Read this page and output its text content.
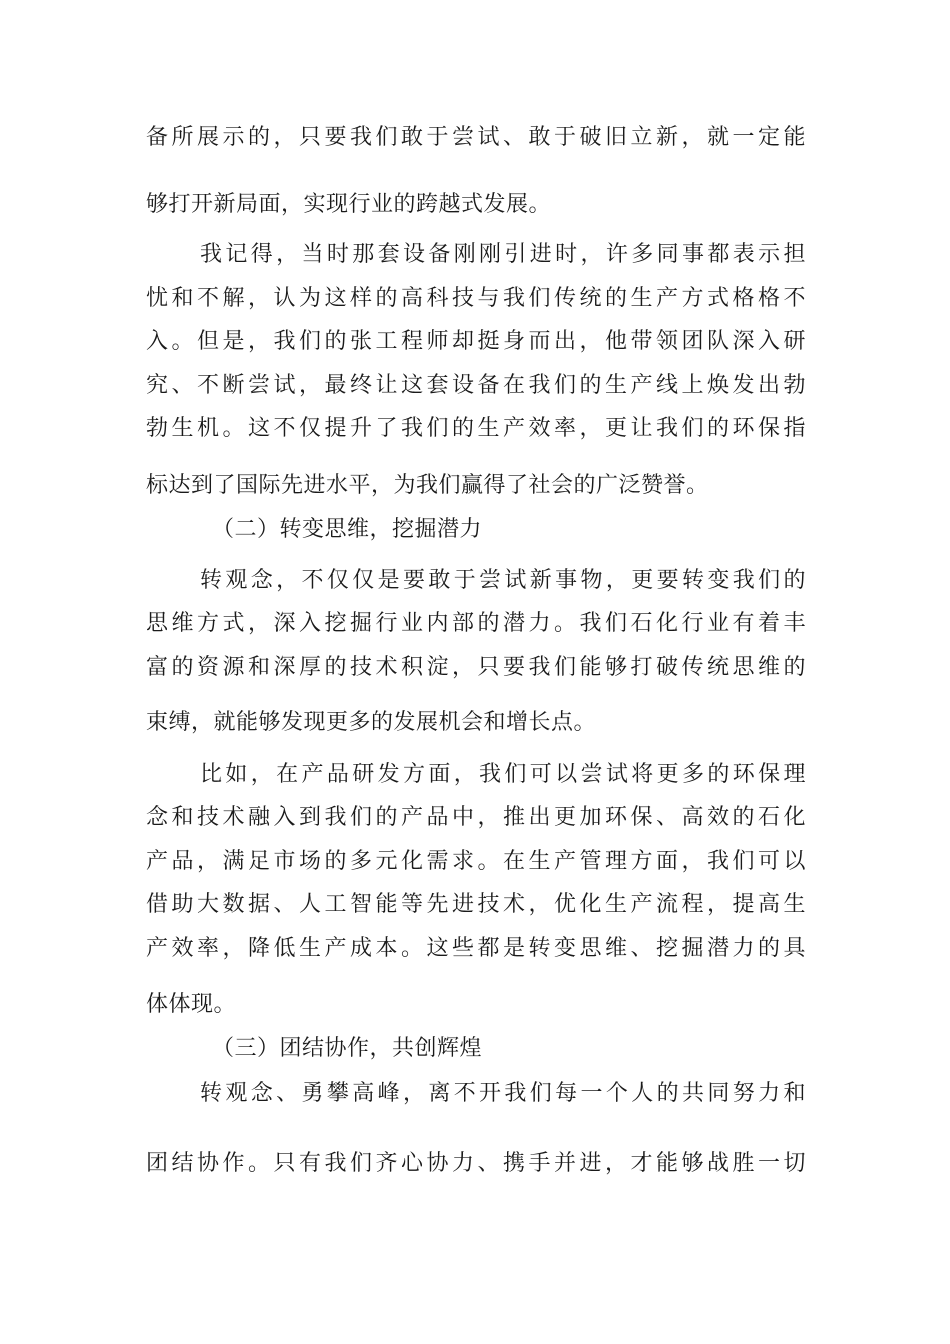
备所展示的，只要我们敢于尝试、敢于破旧立新，就一定能
够打开新局面，实现行业的跨越式发展。
我记得，当时那套设备刚刚引进时，许多同事都表示担
忧和不解，认为这样的高科技与我们传统的生产方式格格不
入。但是，我们的张工程师却挺身而出，他带领团队深入研
究、不断尝试，最终让这套设备在我们的生产线上焕发出勃
勃生机。这不仅提升了我们的生产效率，更让我们的环保指
标达到了国际先进水平，为我们赢得了社会的广泛赞誉。
（二）转变思维，挖掘潜力
转观念，不仅仅是要敢于尝试新事物，更要转变我们的
思维方式，深入挖掘行业内部的潜力。我们石化行业有着丰
富的资源和深厚的技术积淀，只要我们能够打破传统思维的
束缚，就能够发现更多的发展机会和增长点。
比如，在产品研发方面，我们可以尝试将更多的环保理
念和技术融入到我们的产品中，推出更加环保、高效的石化
产品，满足市场的多元化需求。在生产管理方面，我们可以
借助大数据、人工智能等先进技术，优化生产流程，提高生
产效率，降低生产成本。这些都是转变思维、挖掘潜力的具
体体现。
（三）团结协作，共创辉煌
转观念、勇攀高峰，离不开我们每一个人的共同努力和
团结协作。只有我们齐心协力、携手并进，才能够战胜一切
